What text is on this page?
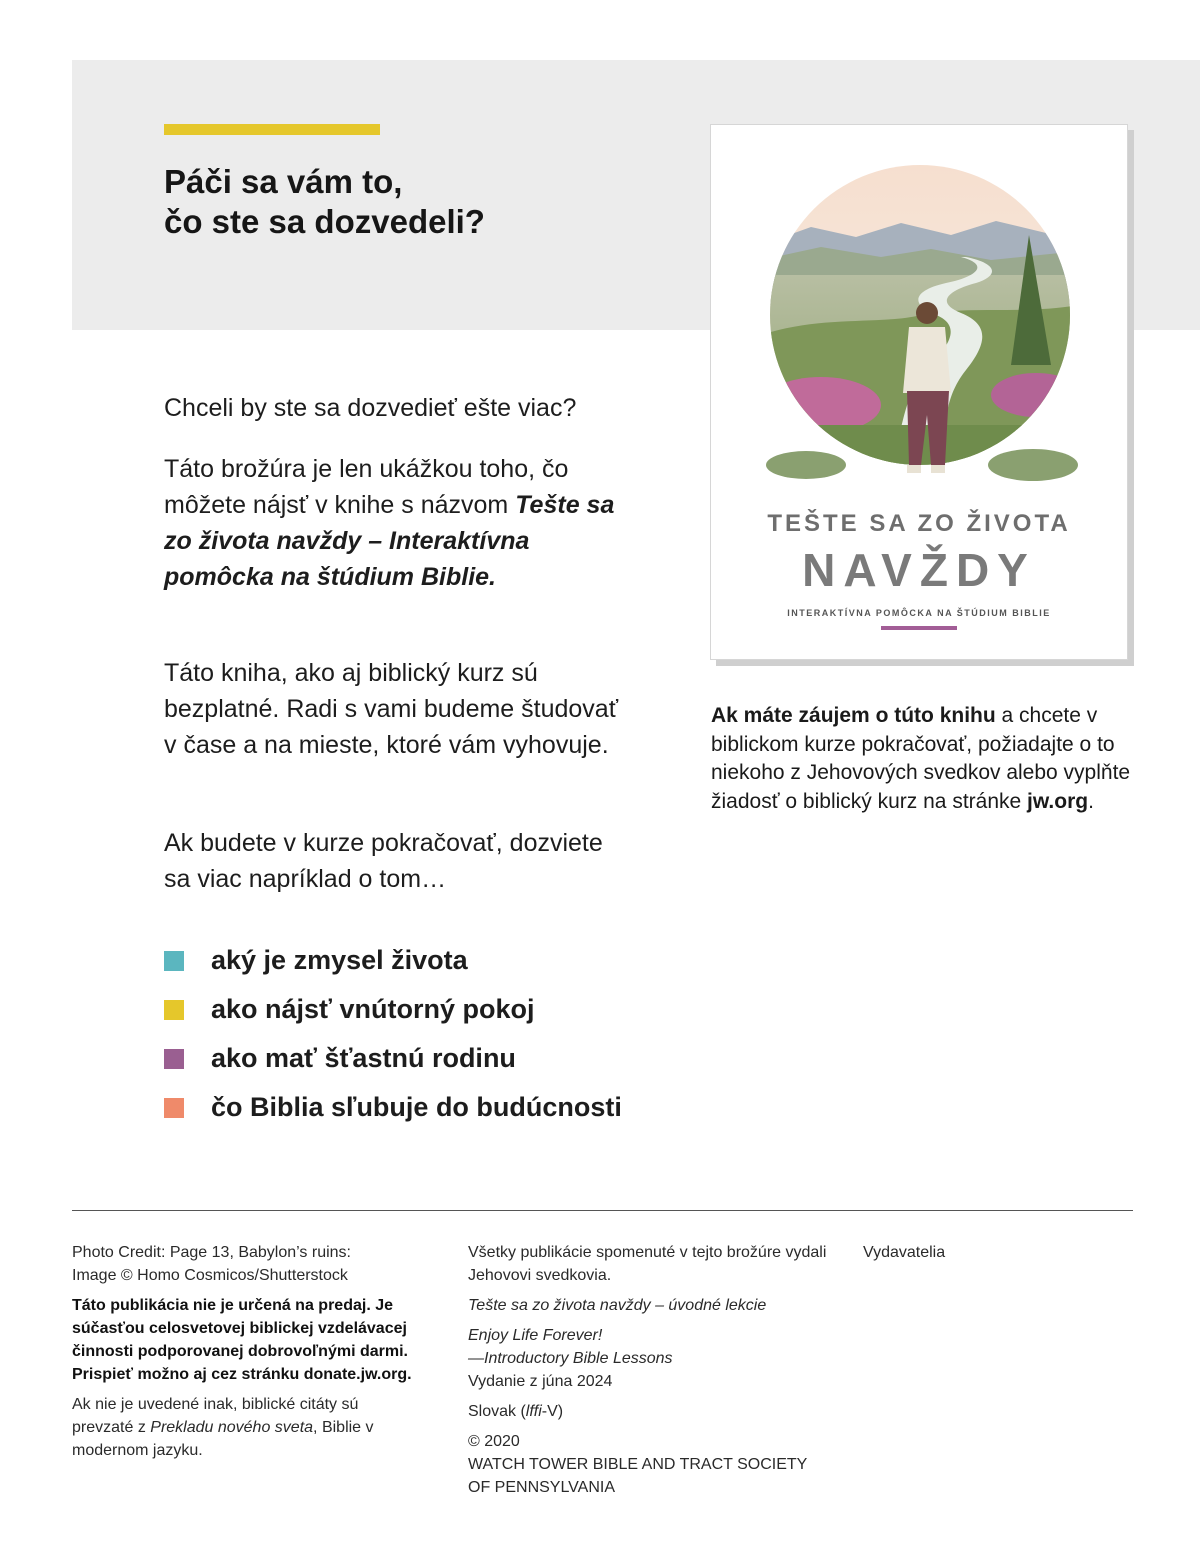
Páči sa vám to,
čo ste sa dozvedeli?

Chceli by ste sa dozvedieť ešte viac?

Táto brožúra je len ukážkou toho, čo môžete nájsť v knihe s názvom Tešte sa zo života navždy – Interaktívna pomôcka na štúdium Biblie.

Táto kniha, ako aj biblický kurz sú bezplatné. Radi s vami budeme študovať v čase a na mieste, ktoré vám vyhovuje.

Ak budete v kurze pokračovať, dozviete sa viac napríklad o tom…

aký je zmysel života
ako nájsť vnútorný pokoj
ako mať šťastnú rodinu
čo Biblia sľubuje do budúcnosti
TEŠTE SA ZO ŽIVOTA
NAVŽDY
INTERAKTÍVNA POMÔCKA NA ŠTÚDIUM BIBLIE

Ak máte záujem o túto knihu a chcete v biblickom kurze pokračovať, požiadajte o to niekoho z Jehovových svedkov alebo vyplňte žiadosť o biblický kurz na stránke jw.org.

Photo Credit: Page 13, Babylon’s ruins:
Image © Homo Cosmicos/Shutterstock

Táto publikácia nie je určená na predaj. Je súčasťou celosvetovej biblickej vzdelávacej činnosti podporovanej dobrovoľnými darmi. Prispieť možno aj cez stránku donate.jw.org.

Ak nie je uvedené inak, biblické citáty sú prevzaté z Prekladu nového sveta, Biblie v modernom jazyku.

Všetky publikácie spomenuté v tejto brožúre vydali Jehovovi svedkovia.

Tešte sa zo života navždy – úvodné lekcie

Enjoy Life Forever!
—Introductory Bible Lessons
Vydanie z júna 2024

Slovak (lffi-V)

© 2020
WATCH TOWER BIBLE AND TRACT SOCIETY
OF PENNSYLVANIA

Vydavatelia
